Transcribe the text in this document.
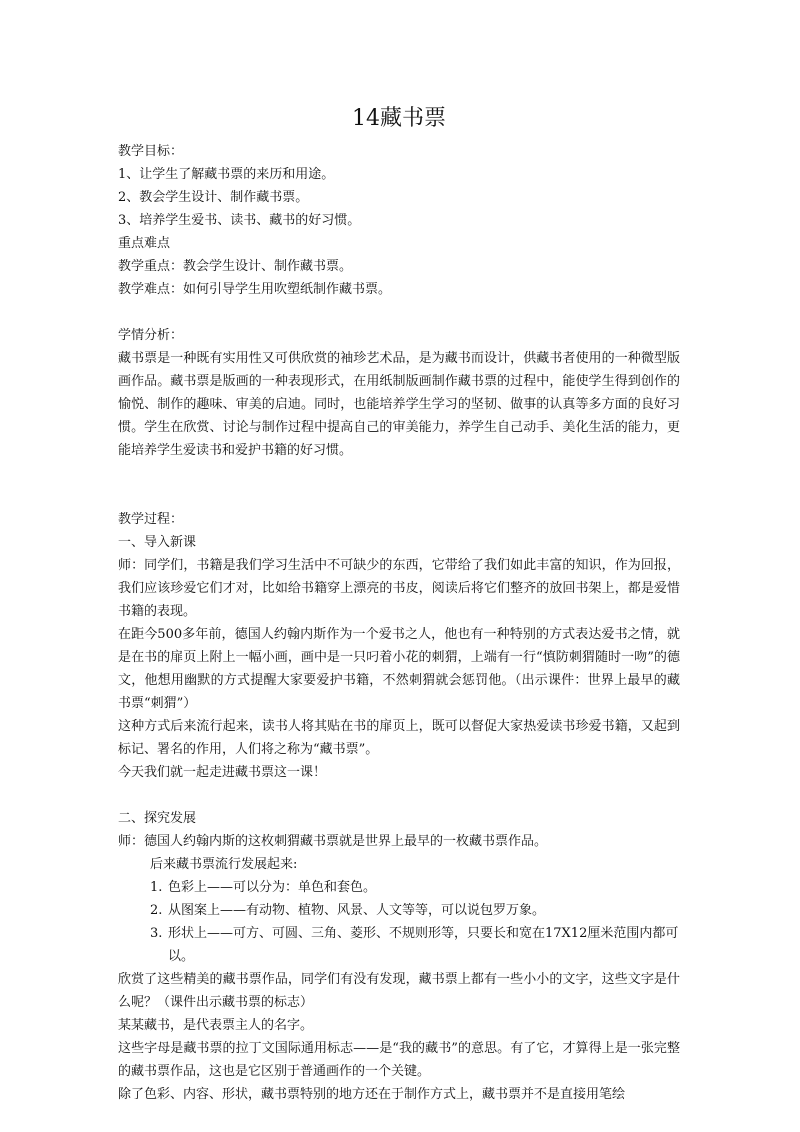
14藏书票

教学目标：

1、让学生了解藏书票的来历和用途。

2、教会学生设计、制作藏书票。

3、培养学生爱书、读书、藏书的好习惯。

重点难点

教学重点：教会学生设计、制作藏书票。

教学难点：如何引导学生用吹塑纸制作藏书票。

学情分析：

藏书票是一种既有实用性又可供欣赏的袖珍艺术品，是为藏书而设计，供藏书者使用的一种微型版画作品。藏书票是版画的一种表现形式，在用纸制版画制作藏书票的过程中，能使学生得到创作的愉悦、制作的趣味、审美的启迪。同时，也能培养学生学习的坚韧、做事的认真等多方面的良好习惯。学生在欣赏、讨论与制作过程中提高自己的审美能力，养学生自己动手、美化生活的能力，更能培养学生爱读书和爱护书籍的好习惯。

教学过程：

一、导入新课

师：同学们，书籍是我们学习生活中不可缺少的东西，它带给了我们如此丰富的知识，作为回报，我们应该珍爱它们才对，比如给书籍穿上漂亮的书皮，阅读后将它们整齐的放回书架上，都是爱惜书籍的表现。

在距今500多年前，德国人约翰内斯作为一个爱书之人，他也有一种特别的方式表达爱书之情，就是在书的扉页上附上一幅小画，画中是一只叼着小花的刺猬，上端有一行“慎防刺猬随时一吻”的德文，他想用幽默的方式提醒大家要爱护书籍，不然刺猬就会惩罚他。（出示课件：世界上最早的藏书票“刺猬”）

这种方式后来流行起来，读书人将其贴在书的扉页上，既可以督促大家热爱读书珍爱书籍，又起到标记、署名的作用，人们将之称为“藏书票”。

今天我们就一起走进藏书票这一课！

二、探究发展

师：德国人约翰内斯的这枚刺猬藏书票就是世界上最早的一枚藏书票作品。

后来藏书票流行发展起来:

1. 色彩上——可以分为：单色和套色。
2. 从图案上——有动物、植物、风景、人文等等，可以说包罗万象。
3. 形状上——可方、可圆、三角、菱形、不规则形等，只要长和宽在17X12厘米范围内都可以。

欣赏了这些精美的藏书票作品，同学们有没有发现，藏书票上都有一些小小的文字，这些文字是什么呢？（课件出示藏书票的标志）

某某藏书，是代表票主人的名字。

这些字母是藏书票的拉丁文国际通用标志——是“我的藏书”的意思。有了它，才算得上是一张完整的藏书票作品，这也是它区别于普通画作的一个关键。

除了色彩、内容、形状，藏书票特别的地方还在于制作方式上，藏书票并不是直接用笔绘
